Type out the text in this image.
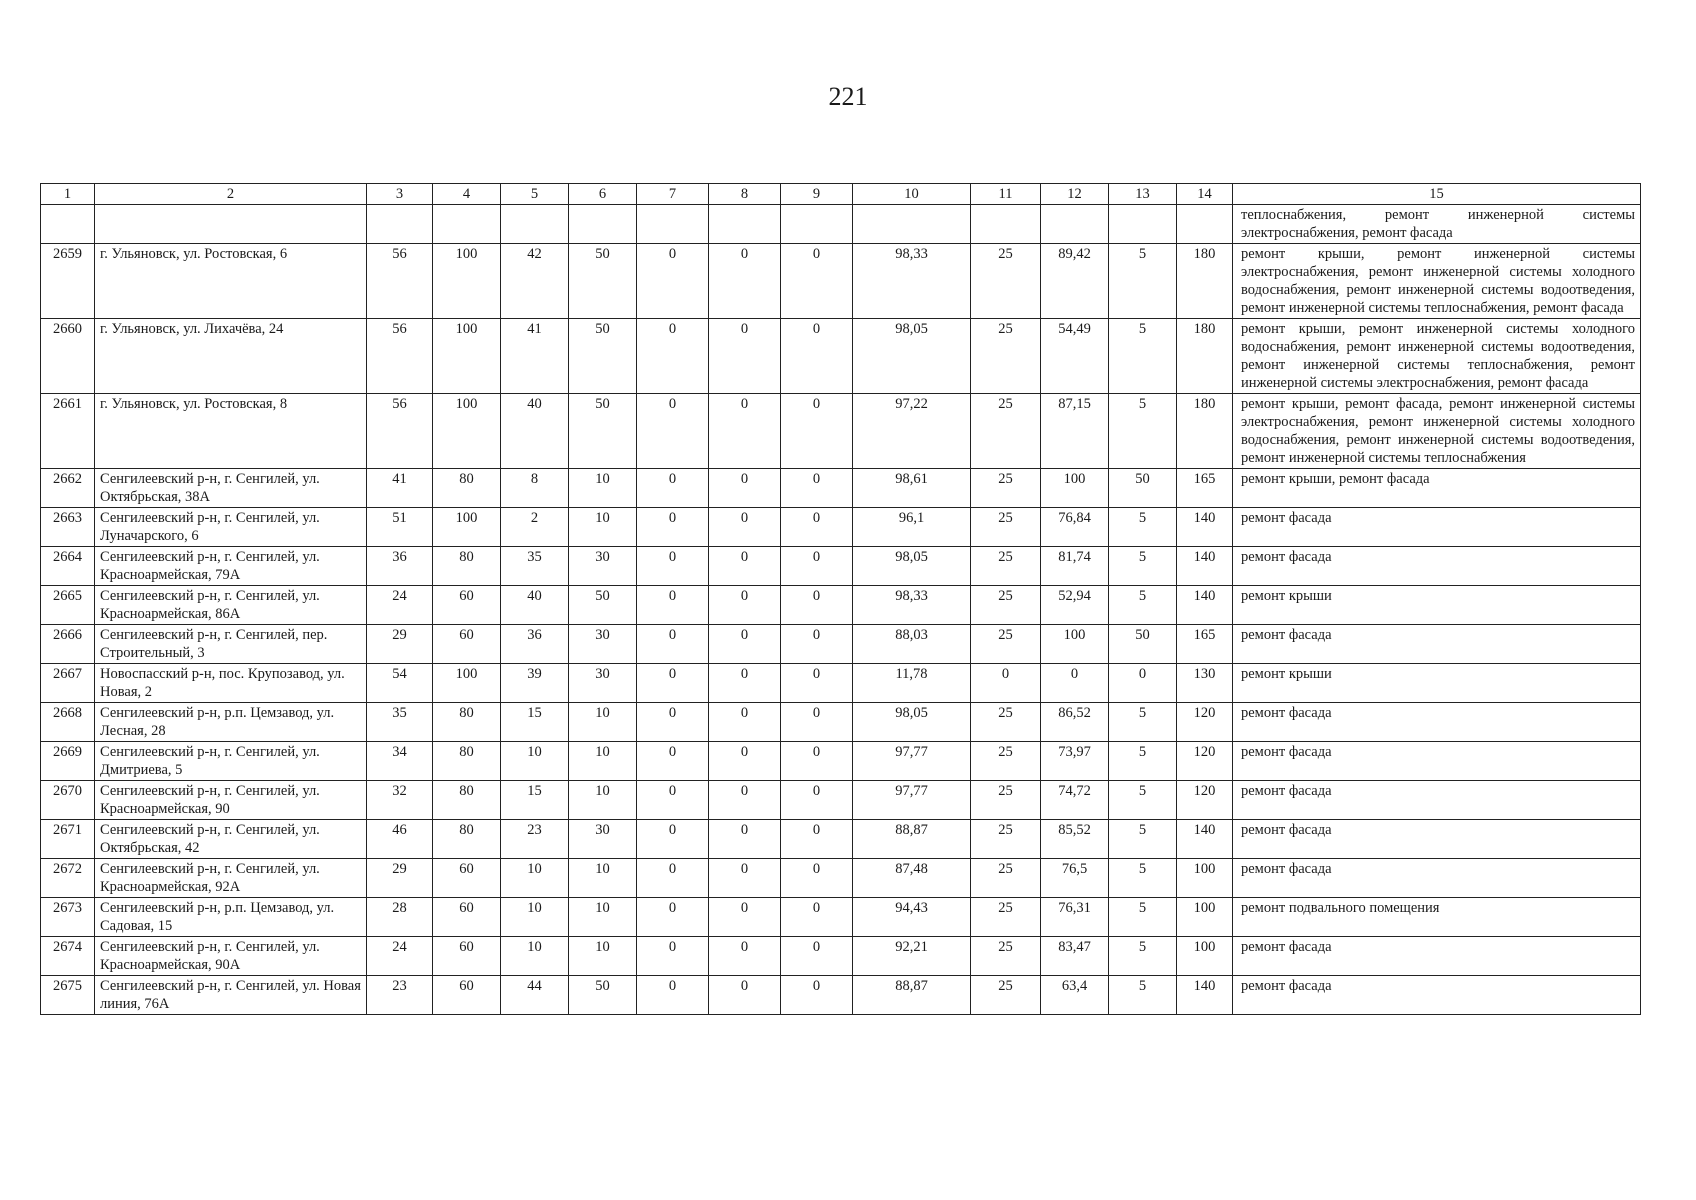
221
1	2	3	4	5	6	7	8	9	10	11	12	13	14	15
														теплоснабжения, ремонт инженерной системы электроснабжения, ремонт фасада
2659	г. Ульяновск, ул. Ростовская, 6	56	100	42	50	0	0	0	98,33	25	89,42	5	180	ремонт крыши, ремонт инженерной системы электроснабжения, ремонт инженерной системы холодного водоснабжения, ремонт инженерной системы водоотведения, ремонт инженерной системы теплоснабжения, ремонт фасада
2660	г. Ульяновск, ул. Лихачёва, 24	56	100	41	50	0	0	0	98,05	25	54,49	5	180	ремонт крыши, ремонт инженерной системы холодного водоснабжения, ремонт инженерной системы водоотведения, ремонт инженерной системы теплоснабжения, ремонт инженерной системы электроснабжения, ремонт фасада
2661	г. Ульяновск, ул. Ростовская, 8	56	100	40	50	0	0	0	97,22	25	87,15	5	180	ремонт крыши, ремонт фасада, ремонт инженерной системы электроснабжения, ремонт инженерной системы холодного водоснабжения, ремонт инженерной системы водоотведения, ремонт инженерной системы теплоснабжения
2662	Сенгилеевский р-н, г. Сенгилей, ул. Октябрьская, 38А	41	80	8	10	0	0	0	98,61	25	100	50	165	ремонт крыши, ремонт фасада
2663	Сенгилеевский р-н, г. Сенгилей, ул. Луначарского, 6	51	100	2	10	0	0	0	96,1	25	76,84	5	140	ремонт фасада
2664	Сенгилеевский р-н, г. Сенгилей, ул. Красноармейская, 79А	36	80	35	30	0	0	0	98,05	25	81,74	5	140	ремонт фасада
2665	Сенгилеевский р-н, г. Сенгилей, ул. Красноармейская, 86А	24	60	40	50	0	0	0	98,33	25	52,94	5	140	ремонт крыши
2666	Сенгилеевский р-н, г. Сенгилей, пер. Строительный, 3	29	60	36	30	0	0	0	88,03	25	100	50	165	ремонт фасада
2667	Новоспасский р-н, пос. Крупозавод, ул. Новая, 2	54	100	39	30	0	0	0	11,78	0	0	0	130	ремонт крыши
2668	Сенгилеевский р-н, р.п. Цемзавод, ул. Лесная, 28	35	80	15	10	0	0	0	98,05	25	86,52	5	120	ремонт фасада
2669	Сенгилеевский р-н, г. Сенгилей, ул. Дмитриева, 5	34	80	10	10	0	0	0	97,77	25	73,97	5	120	ремонт фасада
2670	Сенгилеевский р-н, г. Сенгилей, ул. Красноармейская, 90	32	80	15	10	0	0	0	97,77	25	74,72	5	120	ремонт фасада
2671	Сенгилеевский р-н, г. Сенгилей, ул. Октябрьская, 42	46	80	23	30	0	0	0	88,87	25	85,52	5	140	ремонт фасада
2672	Сенгилеевский р-н, г. Сенгилей, ул. Красноармейская, 92А	29	60	10	10	0	0	0	87,48	25	76,5	5	100	ремонт фасада
2673	Сенгилеевский р-н, р.п. Цемзавод, ул. Садовая, 15	28	60	10	10	0	0	0	94,43	25	76,31	5	100	ремонт подвального помещения
2674	Сенгилеевский р-н, г. Сенгилей, ул. Красноармейская, 90А	24	60	10	10	0	0	0	92,21	25	83,47	5	100	ремонт фасада
2675	Сенгилеевский р-н, г. Сенгилей, ул. Новая линия, 76А	23	60	44	50	0	0	0	88,87	25	63,4	5	140	ремонт фасада
